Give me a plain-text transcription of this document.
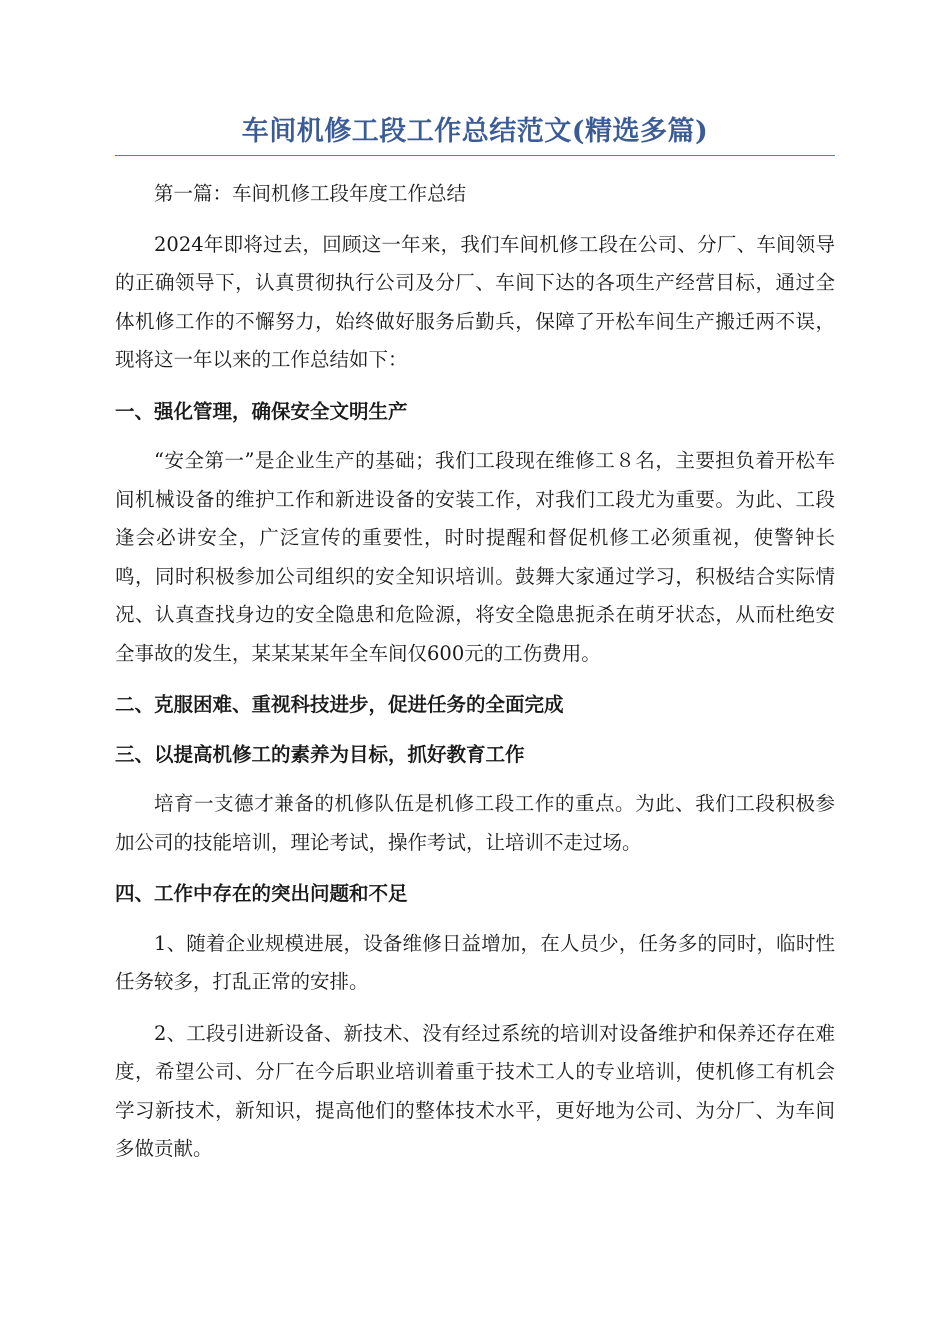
车间机修工段工作总结范文(精选多篇)

第一篇：车间机修工段年度工作总结

2024年即将过去，回顾这一年来，我们车间机修工段在公司、分厂、车间领导的正确领导下，认真贯彻执行公司及分厂、车间下达的各项生产经营目标，通过全体机修工作的不懈努力，始终做好服务后勤兵，保障了开松车间生产搬迁两不误，现将这一年以来的工作总结如下：

一、强化管理，确保安全文明生产

“安全第一”是企业生产的基础；我们工段现在维修工８名，主要担负着开松车间机械设备的维护工作和新进设备的安装工作，对我们工段尤为重要。为此、工段逢会必讲安全，广泛宣传的重要性，时时提醒和督促机修工必须重视，使警钟长鸣，同时积极参加公司组织的安全知识培训。鼓舞大家通过学习，积极结合实际情况、认真查找身边的安全隐患和危险源，将安全隐患扼杀在萌牙状态，从而杜绝安全事故的发生，某某某某年全车间仅600元的工伤费用。

二、克服困难、重视科技进步，促进任务的全面完成
三、以提高机修工的素养为目标，抓好教育工作

培育一支德才兼备的机修队伍是机修工段工作的重点。为此、我们工段积极参加公司的技能培训，理论考试，操作考试，让培训不走过场。

四、工作中存在的突出问题和不足

1、随着企业规模进展，设备维修日益增加，在人员少，任务多的同时，临时性任务较多，打乱正常的安排。

2、工段引进新设备、新技术、没有经过系统的培训对设备维护和保养还存在难度，希望公司、分厂在今后职业培训着重于技术工人的专业培训，使机修工有机会学习新技术，新知识，提高他们的整体技术水平，更好地为公司、为分厂、为车间多做贡献。
